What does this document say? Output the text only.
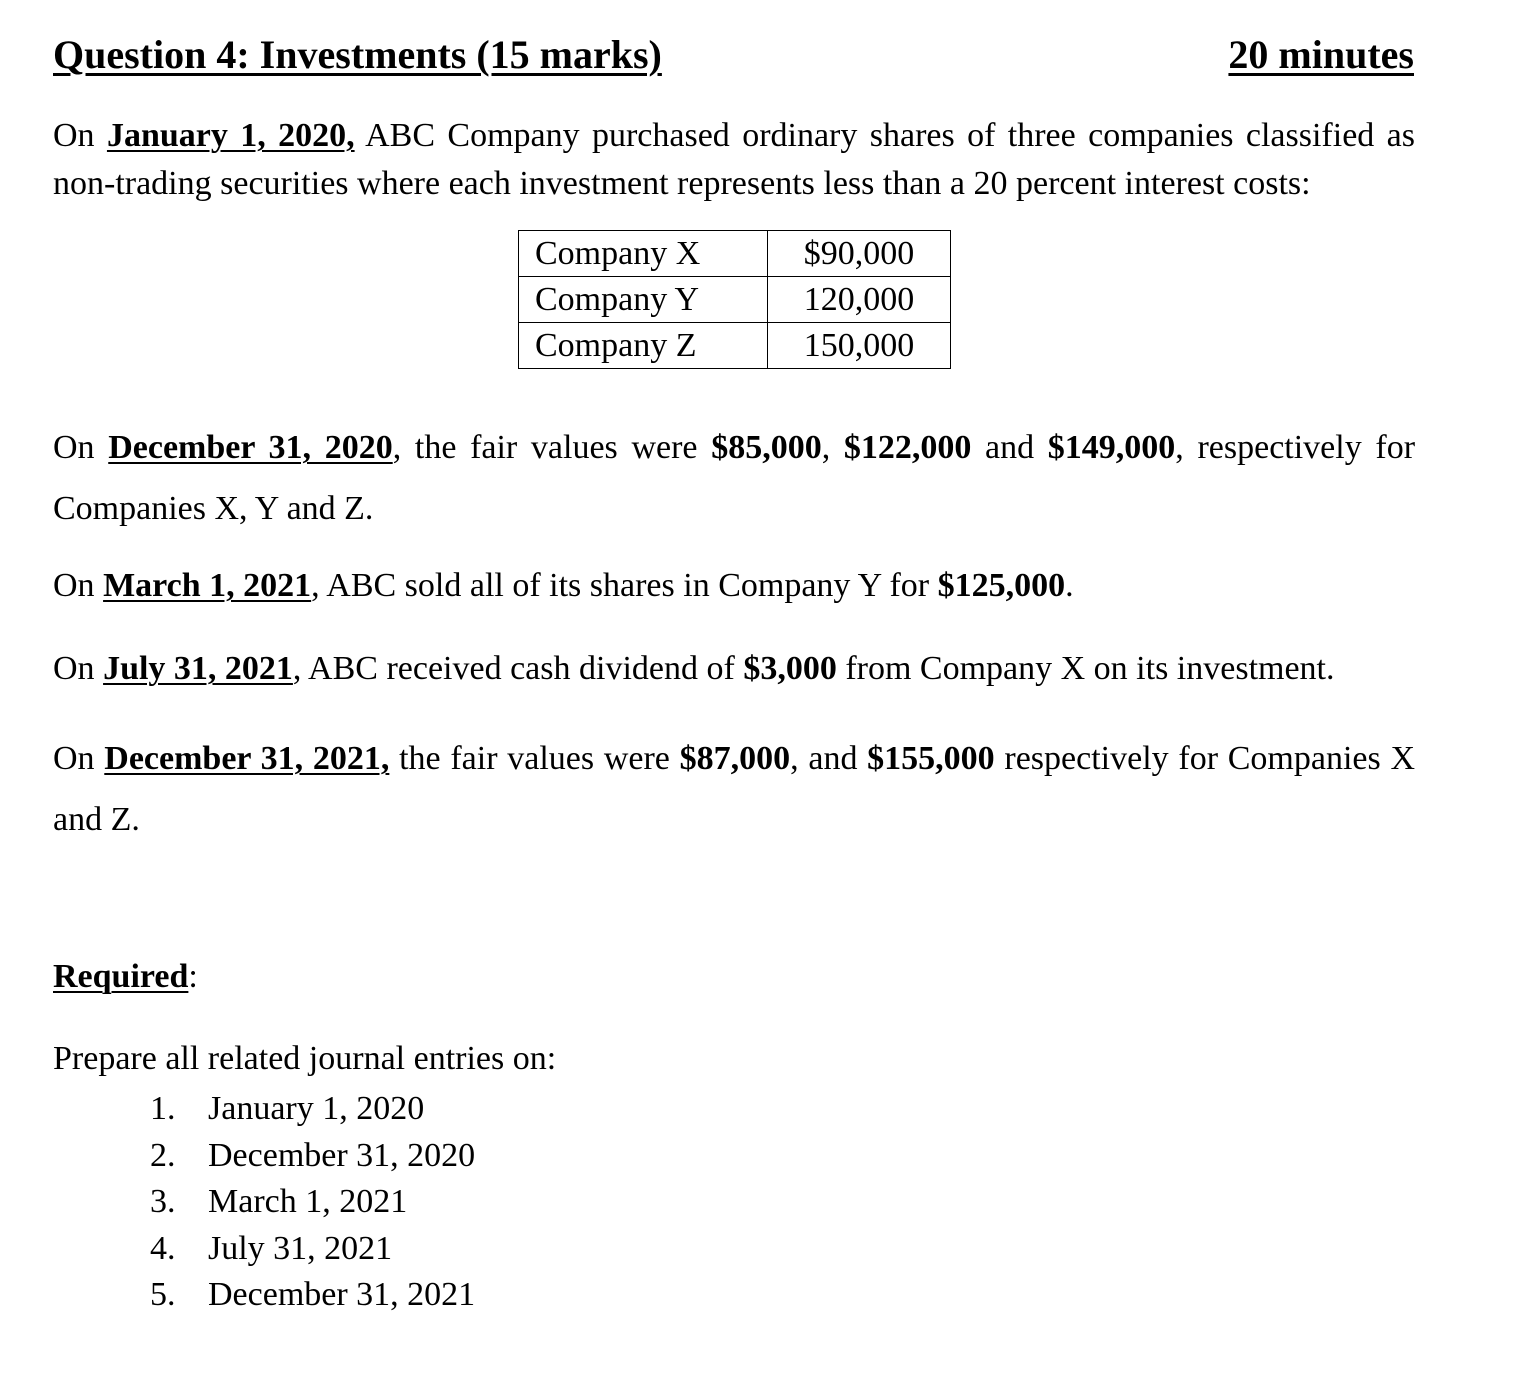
Question 4: Investments (15 marks)	20 minutes
On January 1, 2020, ABC Company purchased ordinary shares of three companies classified as non-trading securities where each investment represents less than a 20 percent interest costs:
Company X	$90,000
Company Y	120,000
Company Z	150,000
On December 31, 2020, the fair values were $85,000, $122,000 and $149,000, respectively for Companies X, Y and Z.
On March 1, 2021, ABC sold all of its shares in Company Y for $125,000.
On July 31, 2021, ABC received cash dividend of $3,000 from Company X on its investment.
On December 31, 2021, the fair values were $87,000, and $155,000 respectively for Companies X and Z.
Required:
Prepare all related journal entries on:
1. January 1, 2020
2. December 31, 2020
3. March 1, 2021
4. July 31, 2021
5. December 31, 2021
